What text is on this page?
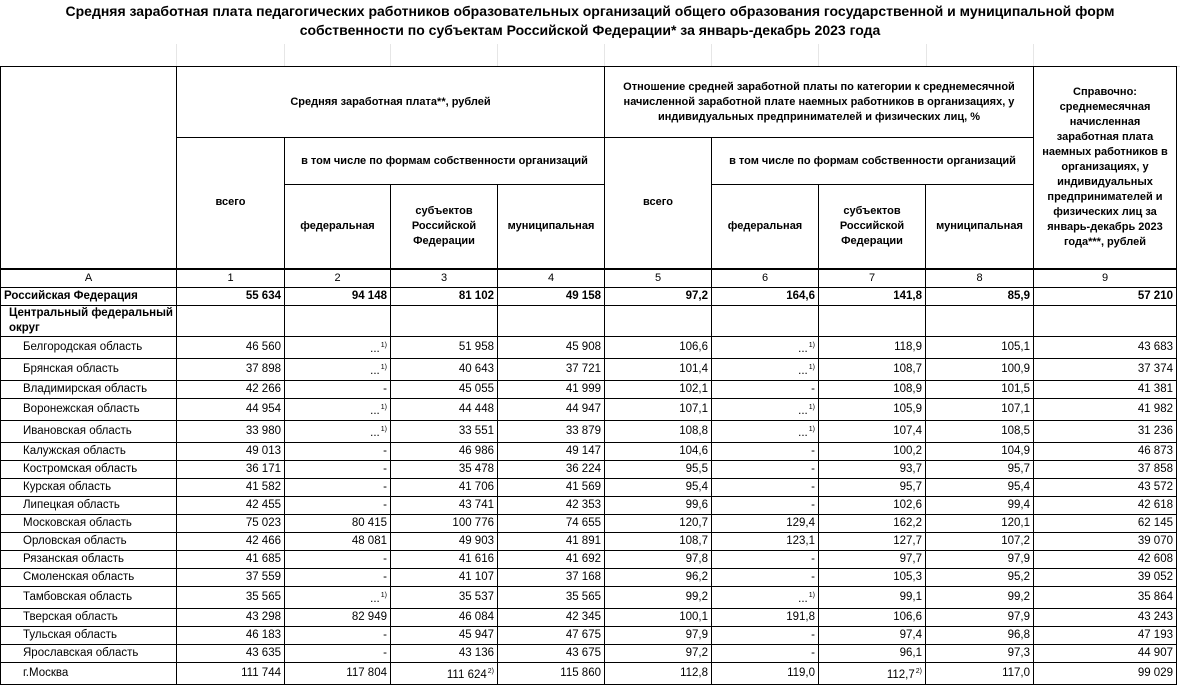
Средняя заработная плата педагогических работников образовательных организаций общего образования государственной и муниципальной форм
собственности по субъектам Российской Федерации* за январь-декабрь 2023 года
	Средняя заработная плата**, рублей				Отношение средней заработной платы по категории к среднемесячной начисленной заработной плате наемных работников в организациях, у индивидуальных предпринимателей и физических лиц, %				Справочно: среднемесячная начисленная заработная плата наемных работников в организациях, у индивидуальных предпринимателей и физических лиц за январь-декабрь 2023 года***, рублей
	всего	в том числе по формам собственности организаций			всего	в том числе по формам собственности организаций			
		федеральная	субъектов Российской Федерации	муниципальная		федеральная	субъектов Российской Федерации	муниципальная	
А	1	2	3	4	5	6	7	8	9
Российская Федерация	55 634	94 148	81 102	49 158	97,2	164,6	141,8	85,9	57 210
Центральный федеральный округ									
Белгородская область	46 560	...$^{1)}$	51 958	45 908	106,6	...$^{1)}$	118,9	105,1	43 683
Брянская область	37 898	...$^{1)}$	40 643	37 721	101,4	...$^{1)}$	108,7	100,9	37 374
Владимирская область	42 266	-	45 055	41 999	102,1	-	108,9	101,5	41 381
Воронежская область	44 954	...$^{1)}$	44 448	44 947	107,1	...$^{1)}$	105,9	107,1	41 982
Ивановская область	33 980	...$^{1)}$	33 551	33 879	108,8	...$^{1)}$	107,4	108,5	31 236
Калужская область	49 013	-	46 986	49 147	104,6	-	100,2	104,9	46 873
Костромская область	36 171	-	35 478	36 224	95,5	-	93,7	95,7	37 858
Курская область	41 582	-	41 706	41 569	95,4	-	95,7	95,4	43 572
Липецкая область	42 455	-	43 741	42 353	99,6	-	102,6	99,4	42 618
Московская область	75 023	80 415	100 776	74 655	120,7	129,4	162,2	120,1	62 145
Орловская область	42 466	48 081	49 903	41 891	108,7	123,1	127,7	107,2	39 070
Рязанская область	41 685	-	41 616	41 692	97,8	-	97,7	97,9	42 608
Смоленская область	37 559	-	41 107	37 168	96,2	-	105,3	95,2	39 052
Тамбовская область	35 565	...$^{1)}$	35 537	35 565	99,2	...$^{1)}$	99,1	99,2	35 864
Тверская область	43 298	82 949	46 084	42 345	100,1	191,8	106,6	97,9	43 243
Тульская область	46 183	-	45 947	47 675	97,9	-	97,4	96,8	47 193
Ярославская область	43 635	-	43 136	43 675	97,2	-	96,1	97,3	44 907
г.Москва	111 744	117 804	111 624$^{2)}$	115 860	112,8	119,0	112,7$^{2)}$	117,0	99 029
